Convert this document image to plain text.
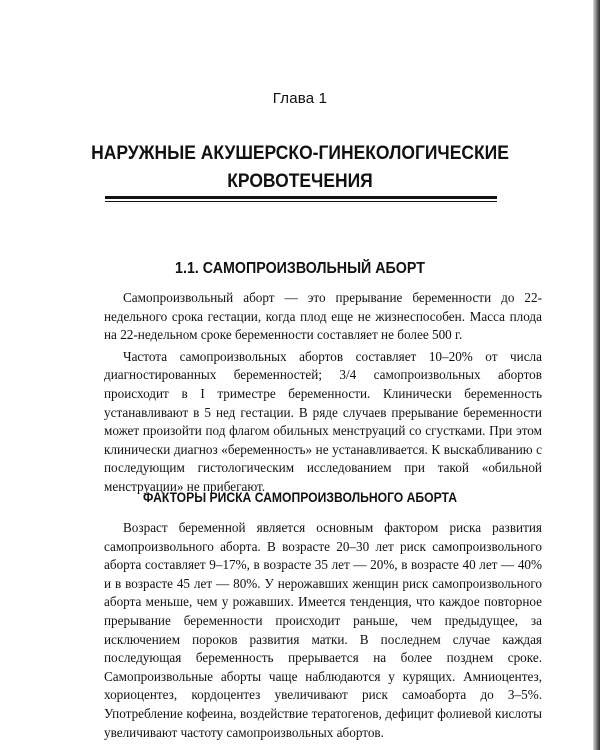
Глава 1
НАРУЖНЫЕ АКУШЕРСКО-ГИНЕКОЛОГИЧЕСКИЕ КРОВОТЕЧЕНИЯ
1.1. САМОПРОИЗВОЛЬНЫЙ АБОРТ

Самопроизвольный аборт — это прерывание беременности до 22-недельного срока гестации, когда плод еще не жизнеспособен. Масса плода на 22-недельном сроке беременности составляет не более 500 г.

Частота самопроизвольных абортов составляет 10–20% от числа диагностированных беременностей; 3/4 самопроизвольных абортов происходит в I триместре беременности. Клинически беременность устанавливают в 5 нед гестации. В ряде случаев прерывание беременности может произойти под флагом обильных менструаций со сгустками. При этом клинически диагноз «беременность» не устанавливается. К выскабливанию с последующим гистологическим исследованием при такой «обильной менструации» не прибегают.

ФАКТОРЫ РИСКА САМОПРОИЗВОЛЬНОГО АБОРТА

Возраст беременной является основным фактором риска развития самопроизвольного аборта. В возрасте 20–30 лет риск самопроизвольного аборта составляет 9–17%, в возрасте 35 лет — 20%, в возрасте 40 лет — 40% и в возрасте 45 лет — 80%. У нерожавших женщин риск самопроизвольного аборта меньше, чем у рожавших. Имеется тенденция, что каждое повторное прерывание беременности происходит раньше, чем предыдущее, за исключением пороков развития матки. В последнем случае каждая последующая беременность прерывается на более позднем сроке. Самопроизвольные аборты чаще наблюдаются у курящих. Амниоцентез, хориоцентез, кордоцентез увеличивают риск самоаборта до 3–5%. Употребление кофеина, воздействие тератогенов, дефицит фолиевой кислоты увеличивают частоту самопроизвольных абортов.
